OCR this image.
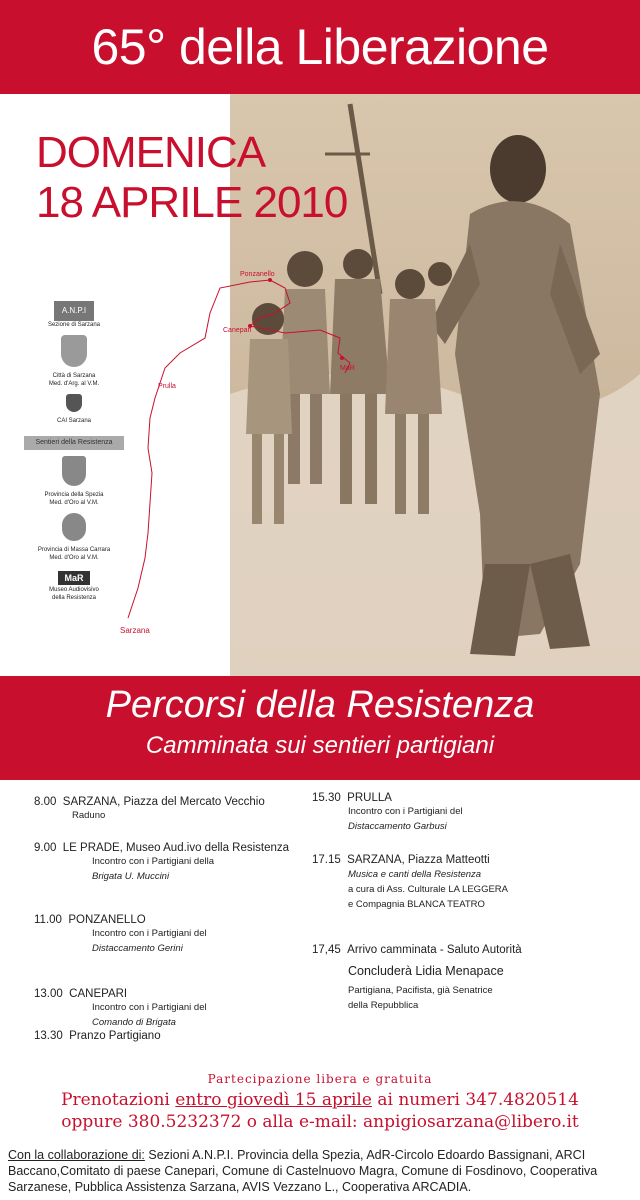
65° della Liberazione
DOMENICA
18 APRILE 2010
Ponzanello
Canepari
MaR
Prulla
Sarzana
A.N.P.I
Sezione di Sarzana
Città di Sarzana
Med. d'Arg. al V.M.
CAI Sarzana
Sentieri della Resistenza
Provincia della Spezia
Med. d'Oro al V.M.
Provincia di Massa Carrara
Med. d'Oro al V.M.
MaR
Museo Audiovisivo
della Resistenza
Percorsi della Resistenza
Camminata sui sentieri partigiani
8.00 SARZANA, Piazza del Mercato Vecchio
Raduno
9.00 LE PRADE, Museo Aud.ivo della Resistenza
Incontro con i Partigiani della
Brigata U. Muccini
11.00 PONZANELLO
Incontro con i Partigiani del
Distaccamento Gerini
13.00 CANEPARI
Incontro con i Partigiani del
Comando di Brigata
13.30 Pranzo Partigiano
15.30 PRULLA
Incontro con i Partigiani del
Distaccamento Garbusi
17.15 SARZANA, Piazza Matteotti
Musica e canti della Resistenza
a cura di Ass. Culturale LA LEGGERA
e Compagnia BLANCA TEATRO
17,45 Arrivo camminata - Saluto Autorità
Concluderà Lidia Menapace
Partigiana, Pacifista, già Senatrice
della Repubblica
Partecipazione libera e gratuita
Prenotazioni entro giovedì 15 aprile ai numeri 347.4820514
oppure 380.5232372 o alla e-mail: anpigiosarzana@libero.it
Con la collaborazione di: Sezioni A.N.P.I. Provincia della Spezia, AdR-Circolo Edoardo Bassignani, ARCI Baccano,Comitato di paese Canepari, Comune di Castelnuovo Magra, Comune di Fosdinovo, Cooperativa Sarzanese, Pubblica Assistenza Sarzana, AVIS Vezzano L., Cooperativa ARCADIA.
